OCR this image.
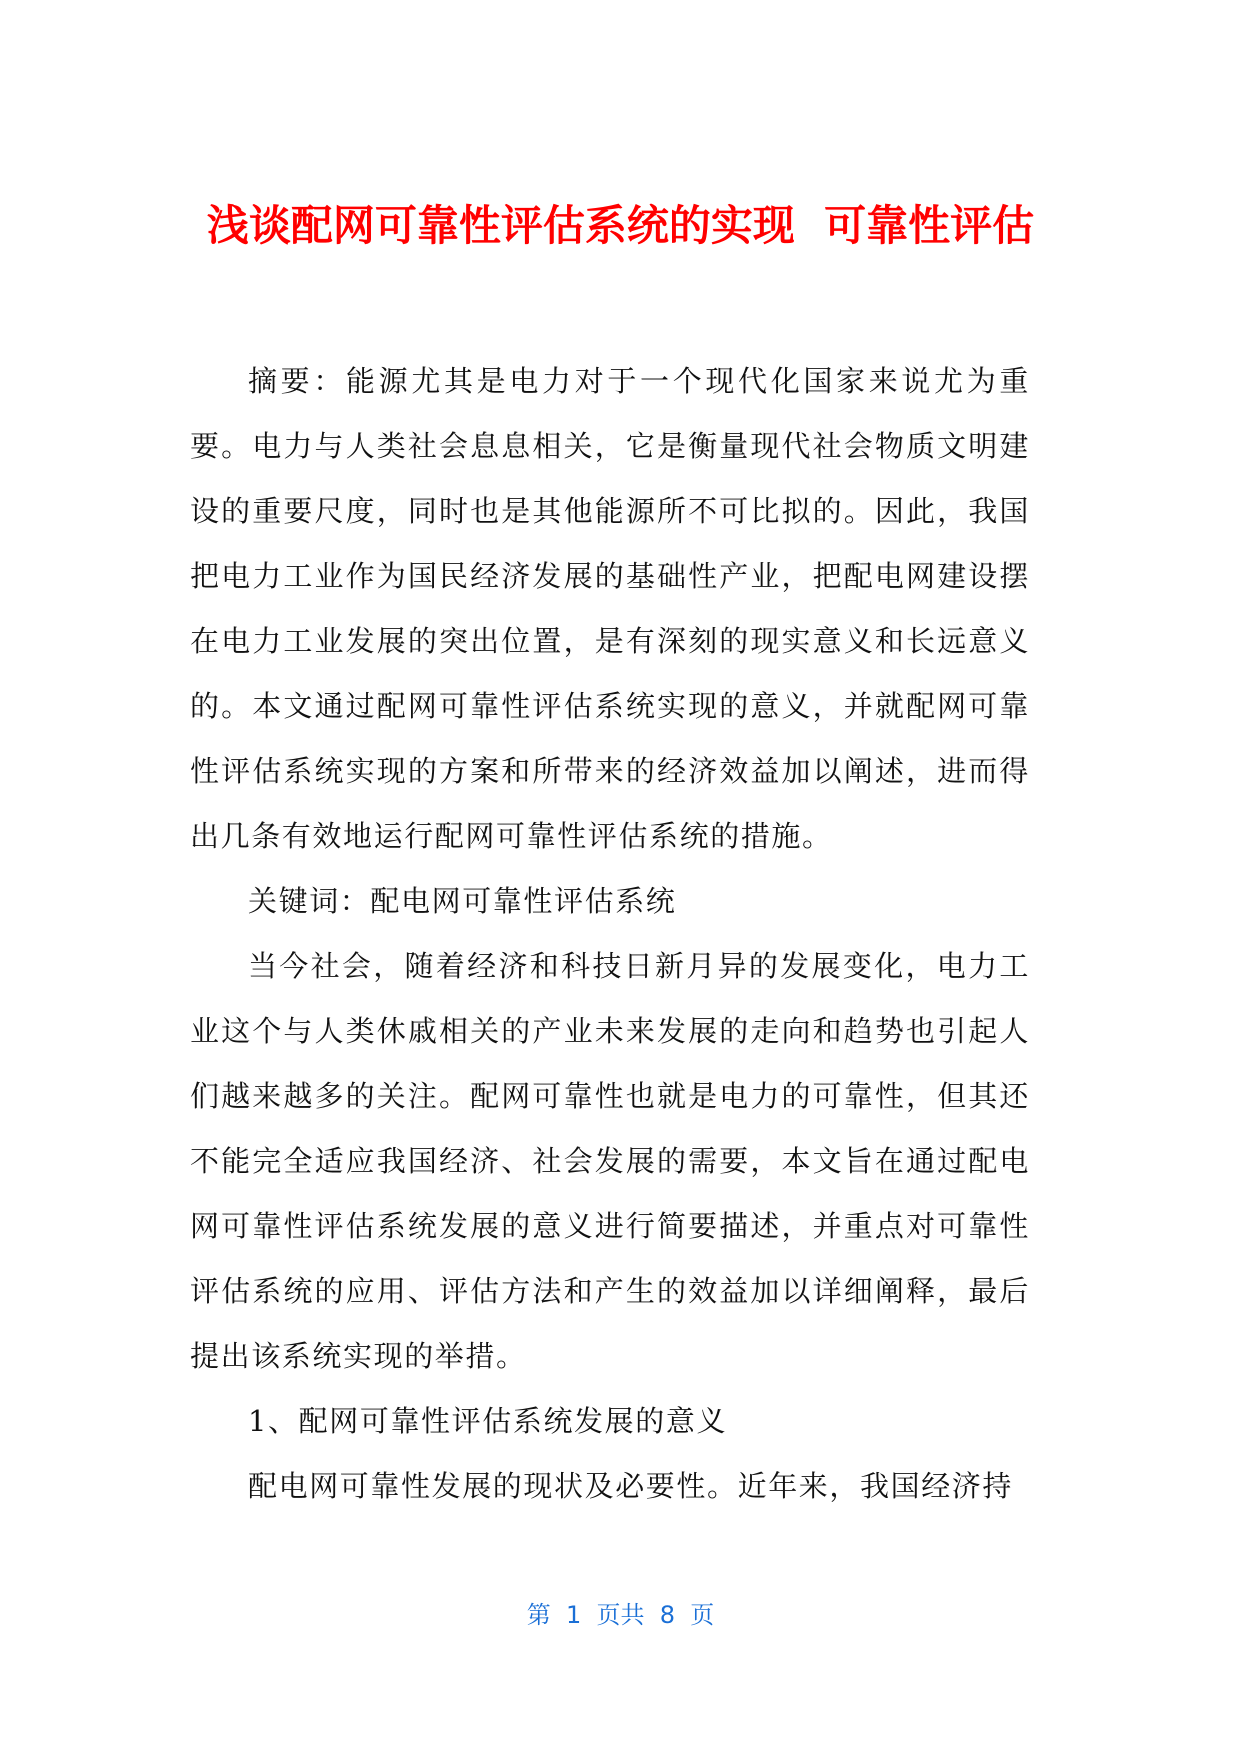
浅谈配网可靠性评估系统的实现  可靠性评估

摘要：能源尤其是电力对于一个现代化国家来说尤为重要。电力与人类社会息息相关，它是衡量现代社会物质文明建设的重要尺度，同时也是其他能源所不可比拟的。因此，我国把电力工业作为国民经济发展的基础性产业，把配电网建设摆在电力工业发展的突出位置，是有深刻的现实意义和长远意义的。本文通过配网可靠性评估系统实现的意义，并就配网可靠性评估系统实现的方案和所带来的经济效益加以阐述，进而得出几条有效地运行配网可靠性评估系统的措施。

关键词：配电网可靠性评估系统

当今社会，随着经济和科技日新月异的发展变化，电力工业这个与人类休戚相关的产业未来发展的走向和趋势也引起人们越来越多的关注。配网可靠性也就是电力的可靠性，但其还不能完全适应我国经济、社会发展的需要，本文旨在通过配电网可靠性评估系统发展的意义进行简要描述，并重点对可靠性评估系统的应用、评估方法和产生的效益加以详细阐释，最后提出该系统实现的举措。

1、配网可靠性评估系统发展的意义

配电网可靠性发展的现状及必要性。近年来，我国经济持

第  1  页共  8  页
